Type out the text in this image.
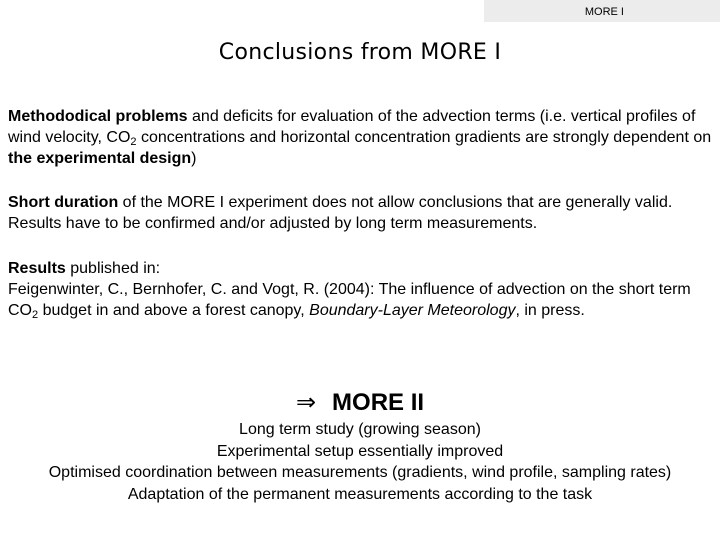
MORE I
Conclusions from MORE I
Methododical problems and deficits for evaluation of the advection terms (i.e. vertical profiles of wind velocity, $CO_2$ concentrations and horizontal concentration gradients are strongly dependent on the experimental design)
Short duration of the MORE I experiment does not allow conclusions that are generally valid. Results have to be confirmed and/or adjusted by long term measurements.
Results published in:
Feigenwinter, C., Bernhofer, C. and Vogt, R. (2004): The influence of advection on the short term $CO_2$ budget in and above a forest canopy, Boundary-Layer Meteorology, in press.
⇒ MORE II
Long term study (growing season)
Experimental setup essentially improved
Optimised coordination between measurements (gradients, wind profile, sampling rates)
Adaptation of the permanent measurements according to the task
